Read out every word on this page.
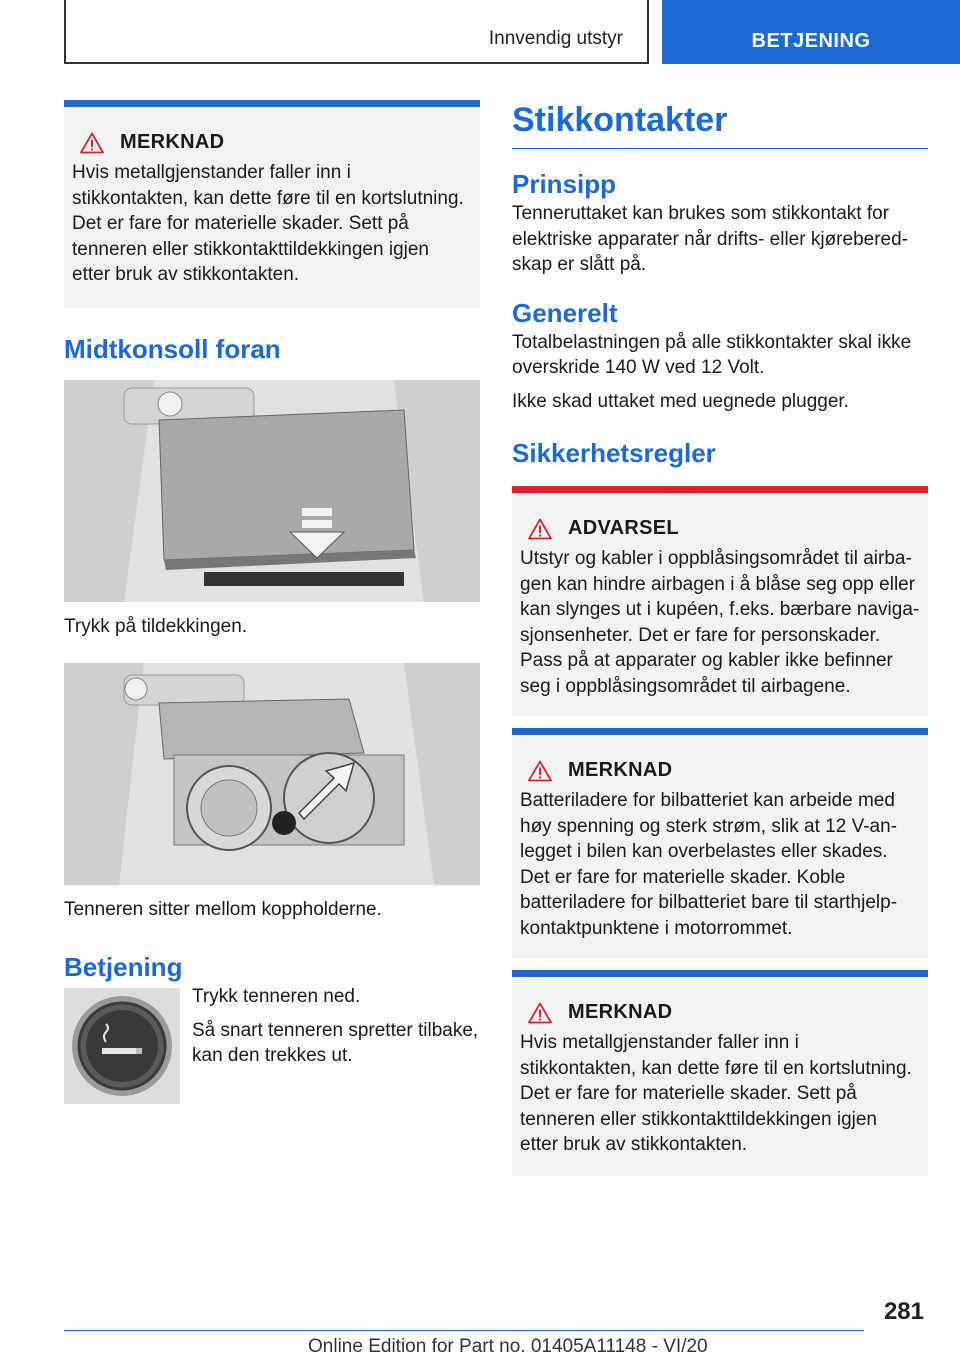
Innvendig utstyr	BETJENING
MERKNAD

Hvis metallgjenstander faller inn i stikkontakten, kan dette føre til en kortslutning. Det er fare for materielle skader. Sett på tenneren eller stikkontakttildekkingen igjen etter bruk av stikkontakten.

Midtkonsoll foran

Trykk på tildekkingen.

Tenneren sitter mellom koppholderne.

Betjening

Trykk tenneren ned.

Så snart tenneren spretter tilbake, kan den trekkes ut.

Stikkontakter
Prinsipp

Tenneruttaket kan brukes som stikkontakt for elektriske apparater når drifts- eller kjøreberedskap er slått på.

Generelt

Totalbelastningen på alle stikkontakter skal ikke overskride 140 W ved 12 Volt.

Ikke skad uttaket med uegnede plugger.

Sikkerhetsregler
ADVARSEL

Utstyr og kabler i oppblåsingsområdet til airbagen kan hindre airbagen i å blåse seg opp eller kan slynges ut i kupéen, f.eks. bærbare navigasjonsenheter. Det er fare for personskader. Pass på at apparater og kabler ikke befinner seg i oppblåsingsområdet til airbagene.

MERKNAD

Batteriladere for bilbatteriet kan arbeide med høy spenning og sterk strøm, slik at 12 V-anlegget i bilen kan overbelastes eller skades. Det er fare for materielle skader. Koble batteriladere for bilbatteriet bare til starthjelp-kontaktpunktene i motorrommet.

MERKNAD

Hvis metallgjenstander faller inn i stikkontakten, kan dette føre til en kortslutning. Det er fare for materielle skader. Sett på tenneren eller stikkontakttildekkingen igjen etter bruk av stikkontakten.

281
Online Edition for Part no. 01405A11148 - VI/20
